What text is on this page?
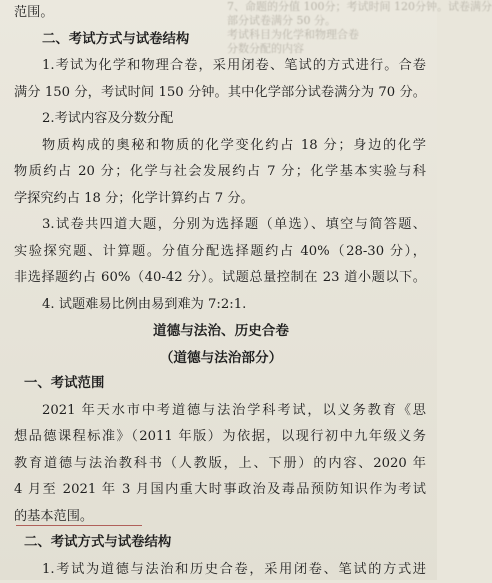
7、命题的分值 100分；考试时间 120分钟。试卷满分
部分试卷满分 50 分。
考试科目为化学和物理合卷
分数分配的内容
范围。
二、考试方式与试卷结构
1.考试为化学和物理合卷，采用闭卷、笔试的方式进行。合卷
满分 150 分，考试时间 150 分钟。其中化学部分试卷满分为 70 分。
2.考试内容及分数分配
物质构成的奥秘和物质的化学变化约占 18 分；身边的化学
物质约占 20 分；化学与社会发展约占 7 分；化学基本实验与科
学探究约占 18 分；化学计算约占 7 分。
3.试卷共四道大题，分别为选择题（单选）、填空与简答题、
实验探究题、计算题。分值分配选择题约占 40%（28-30 分），
非选择题约占 60%（40-42 分）。试题总量控制在 23 道小题以下。
4. 试题难易比例由易到难为 7:2:1.
道德与法治、历史合卷
（道德与法治部分）
一、考试范围
2021 年天水市中考道德与法治学科考试，以义务教育《思
想品德课程标准》（2011 年版）为依据，以现行初中九年级义务
教育道德与法治教科书（人教版，上、下册）的内容、2020 年
4 月至 2021 年 3 月国内重大时事政治及毒品预防知识作为考试
的基本范围。
二、考试方式与试卷结构
1.考试为道德与法治和历史合卷，采用闭卷、笔试的方式进
